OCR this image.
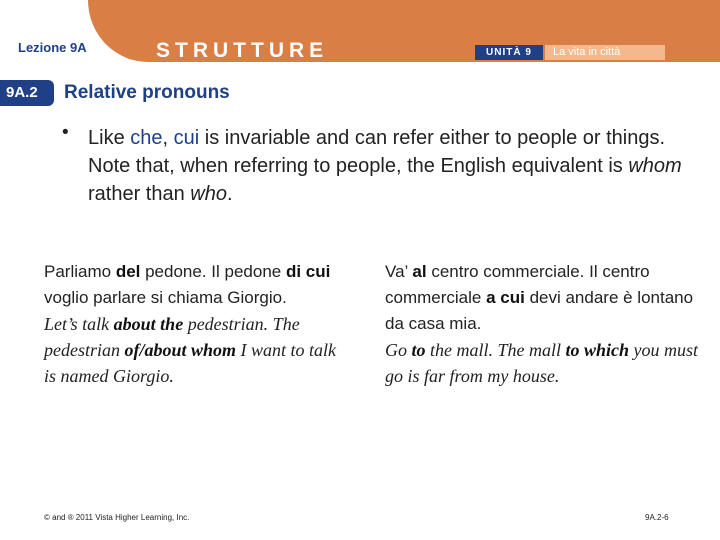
Lezione 9A	STRUTTURE	UNITÀ 9	La vita in città
9A.2	Relative pronouns
• Like che, cui is invariable and can refer either to people or things. Note that, when referring to people, the English equivalent is whom rather than who.
Parliamo del pedone. Il pedone di cui voglio parlare si chiama Giorgio.
Let’s talk about the pedestrian. The pedestrian of/about whom I want to talk is named Giorgio.
Va’ al centro commerciale. Il centro commerciale a cui devi andare è lontano da casa mia.
Go to the mall. The mall to which you must go is far from my house.
© and ® 2011 Vista Higher Learning, Inc.	9A.2-6
